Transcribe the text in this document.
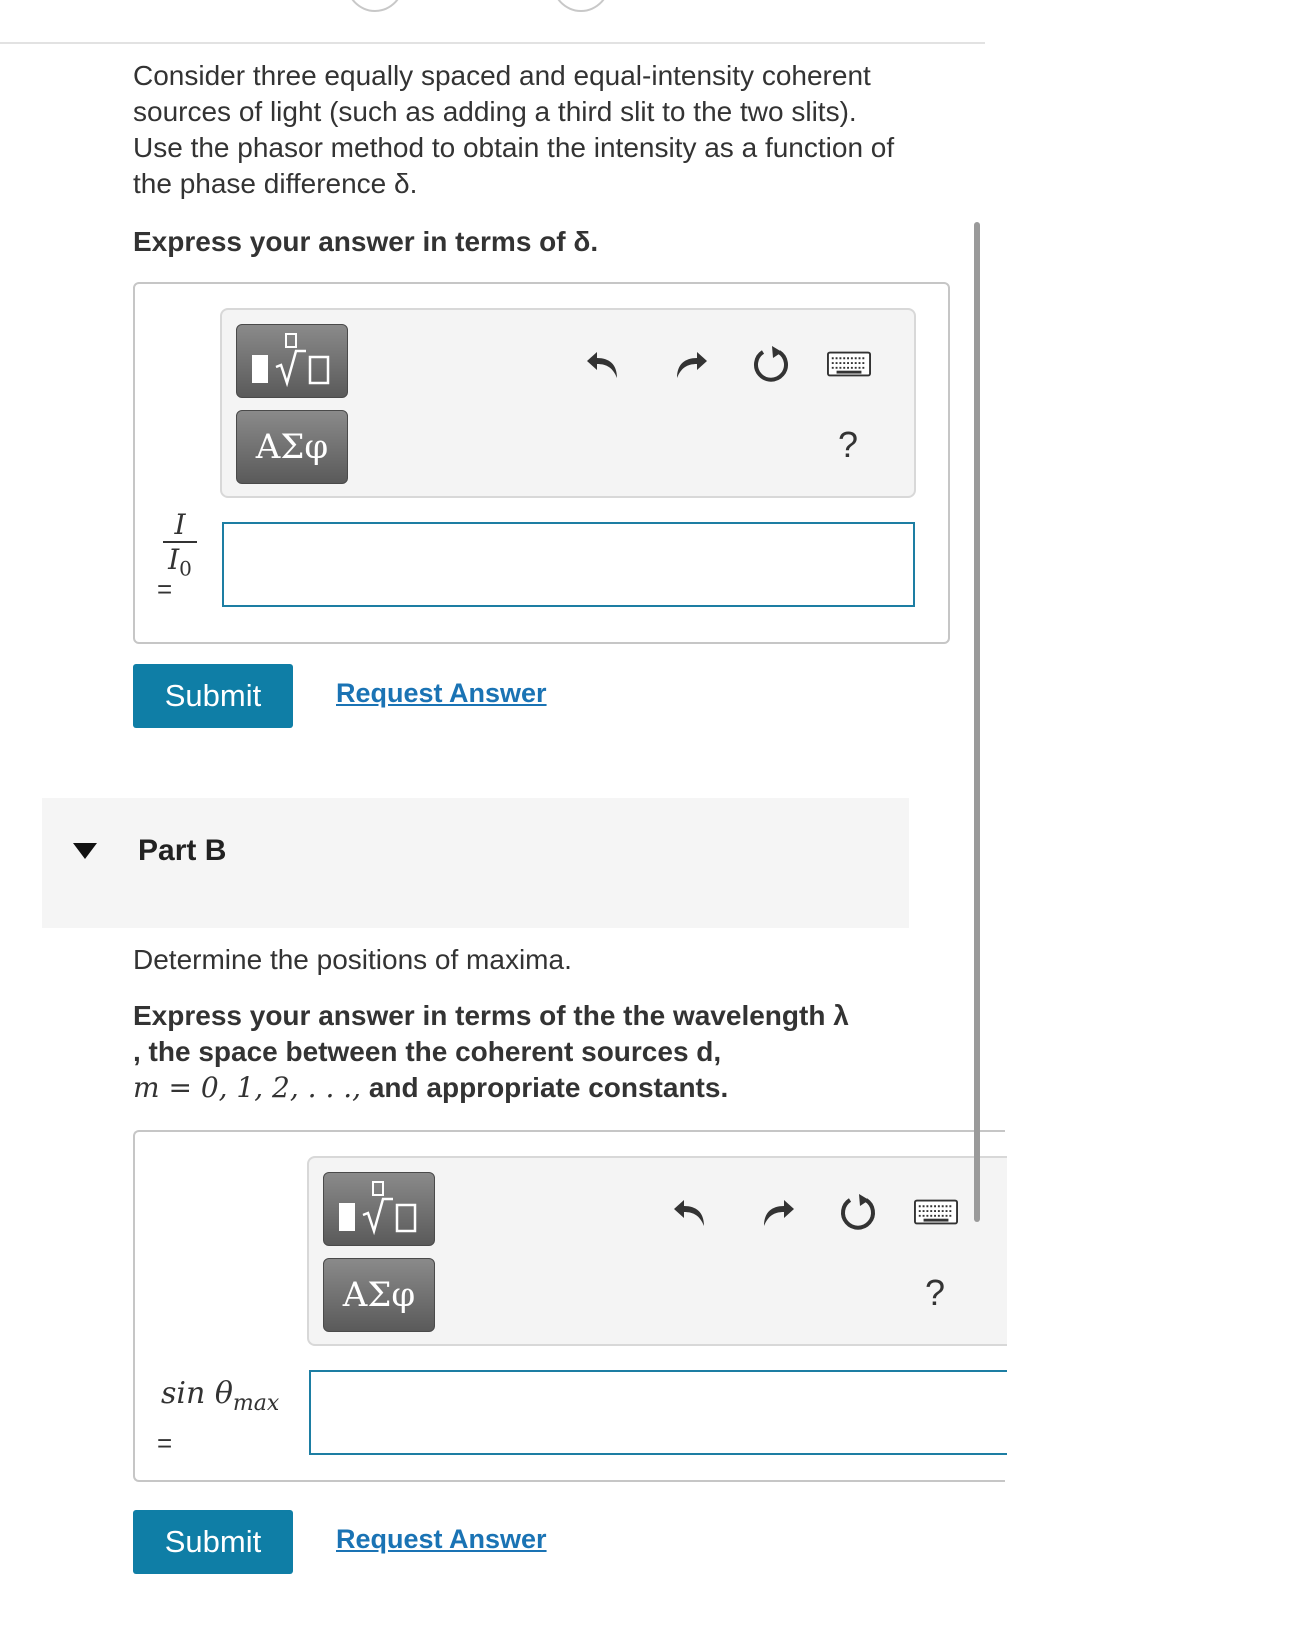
Consider three equally spaced and equal-intensity coherent sources of light (such as adding a third slit to the two slits). Use the phasor method to obtain the intensity as a function of the phase difference δ.
Express your answer in terms of δ.
ΑΣφ	?
I
$I_0$
=
Submit	Request Answer
Part B
Determine the positions of maxima.
Express your answer in terms of the the wavelength λ
, the space between the coherent sources d,
m = 0, 1, 2, . . ., and appropriate constants.
ΑΣφ	?
$\sin \theta_{max}$
=
Submit	Request Answer
